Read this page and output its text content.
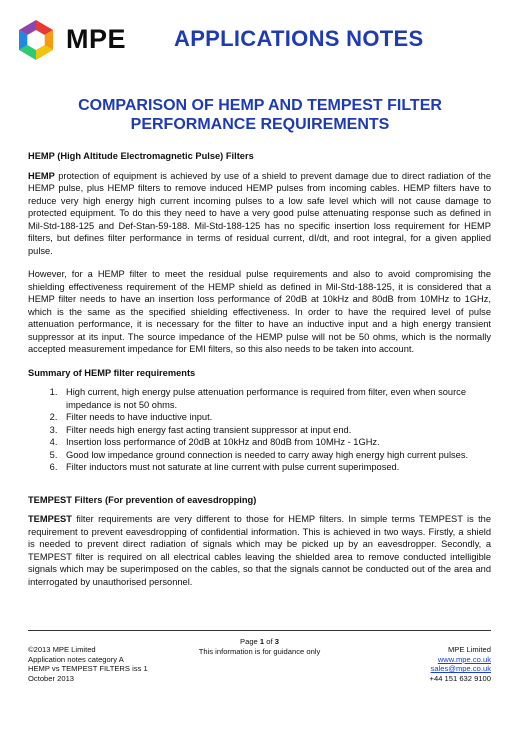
MPE APPLICATIONS NOTES
COMPARISON OF HEMP AND TEMPEST FILTER
PERFORMANCE REQUIREMENTS
HEMP (High Altitude Electromagnetic Pulse) Filters
HEMP protection of equipment is achieved by use of a shield to prevent damage due to direct radiation of the HEMP pulse, plus HEMP filters to remove induced HEMP pulses from incoming cables. HEMP filters have to reduce very high energy high current incoming pulses to a low safe level which will not cause damage to protected equipment. To do this they need to have a very good pulse attenuating response such as defined in Mil-Std-188-125 and Def-Stan-59-188. Mil-Std-188-125 has no specific insertion loss requirement for HEMP filters, but defines filter performance in terms of residual current, dI/dt, and root integral, for a given applied pulse.
However, for a HEMP filter to meet the residual pulse requirements and also to avoid compromising the shielding effectiveness requirement of the HEMP shield as defined in Mil-Std-188-125, it is considered that a HEMP filter needs to have an insertion loss performance of 20dB at 10kHz and 80dB from 10MHz to 1GHz, which is the same as the specified shielding effectiveness. In order to have the required level of pulse attenuation performance, it is necessary for the filter to have an inductive input and a high energy transient suppressor at its input. The source impedance of the HEMP pulse will not be 50 ohms, which is the normally accepted measurement impedance for EMI filters, so this also needs to be taken into account.
Summary of HEMP filter requirements
1. High current, high energy pulse attenuation performance is required from filter, even when source impedance is not 50 ohms.
2. Filter needs to have inductive input.
3. Filter needs high energy fast acting transient suppressor at input end.
4. Insertion loss performance of 20dB at 10kHz and 80dB from 10MHz - 1GHz.
5. Good low impedance ground connection is needed to carry away high energy high current pulses.
6. Filter inductors must not saturate at line current with pulse current superimposed.
TEMPEST Filters (For prevention of eavesdropping)
TEMPEST filter requirements are very different to those for HEMP filters. In simple terms TEMPEST is the requirement to prevent eavesdropping of confidential information. This is achieved in two ways. Firstly, a shield is needed to prevent direct radiation of signals which may be picked up by an eavesdropper. Secondly, a TEMPEST filter is required on all electrical cables leaving the shielded area to remove conducted intelligible signals which may be superimposed on the cables, so that the signals cannot be conducted out of the area and interrogated by unauthorised personnel.
Page 1 of 3
This information is for guidance only
©2013 MPE Limited
Application notes category A
HEMP vs TEMPEST FILTERS iss 1
October 2013
MPE Limited
www.mpe.co.uk
sales@mpe.co.uk
+44 151 632 9100
